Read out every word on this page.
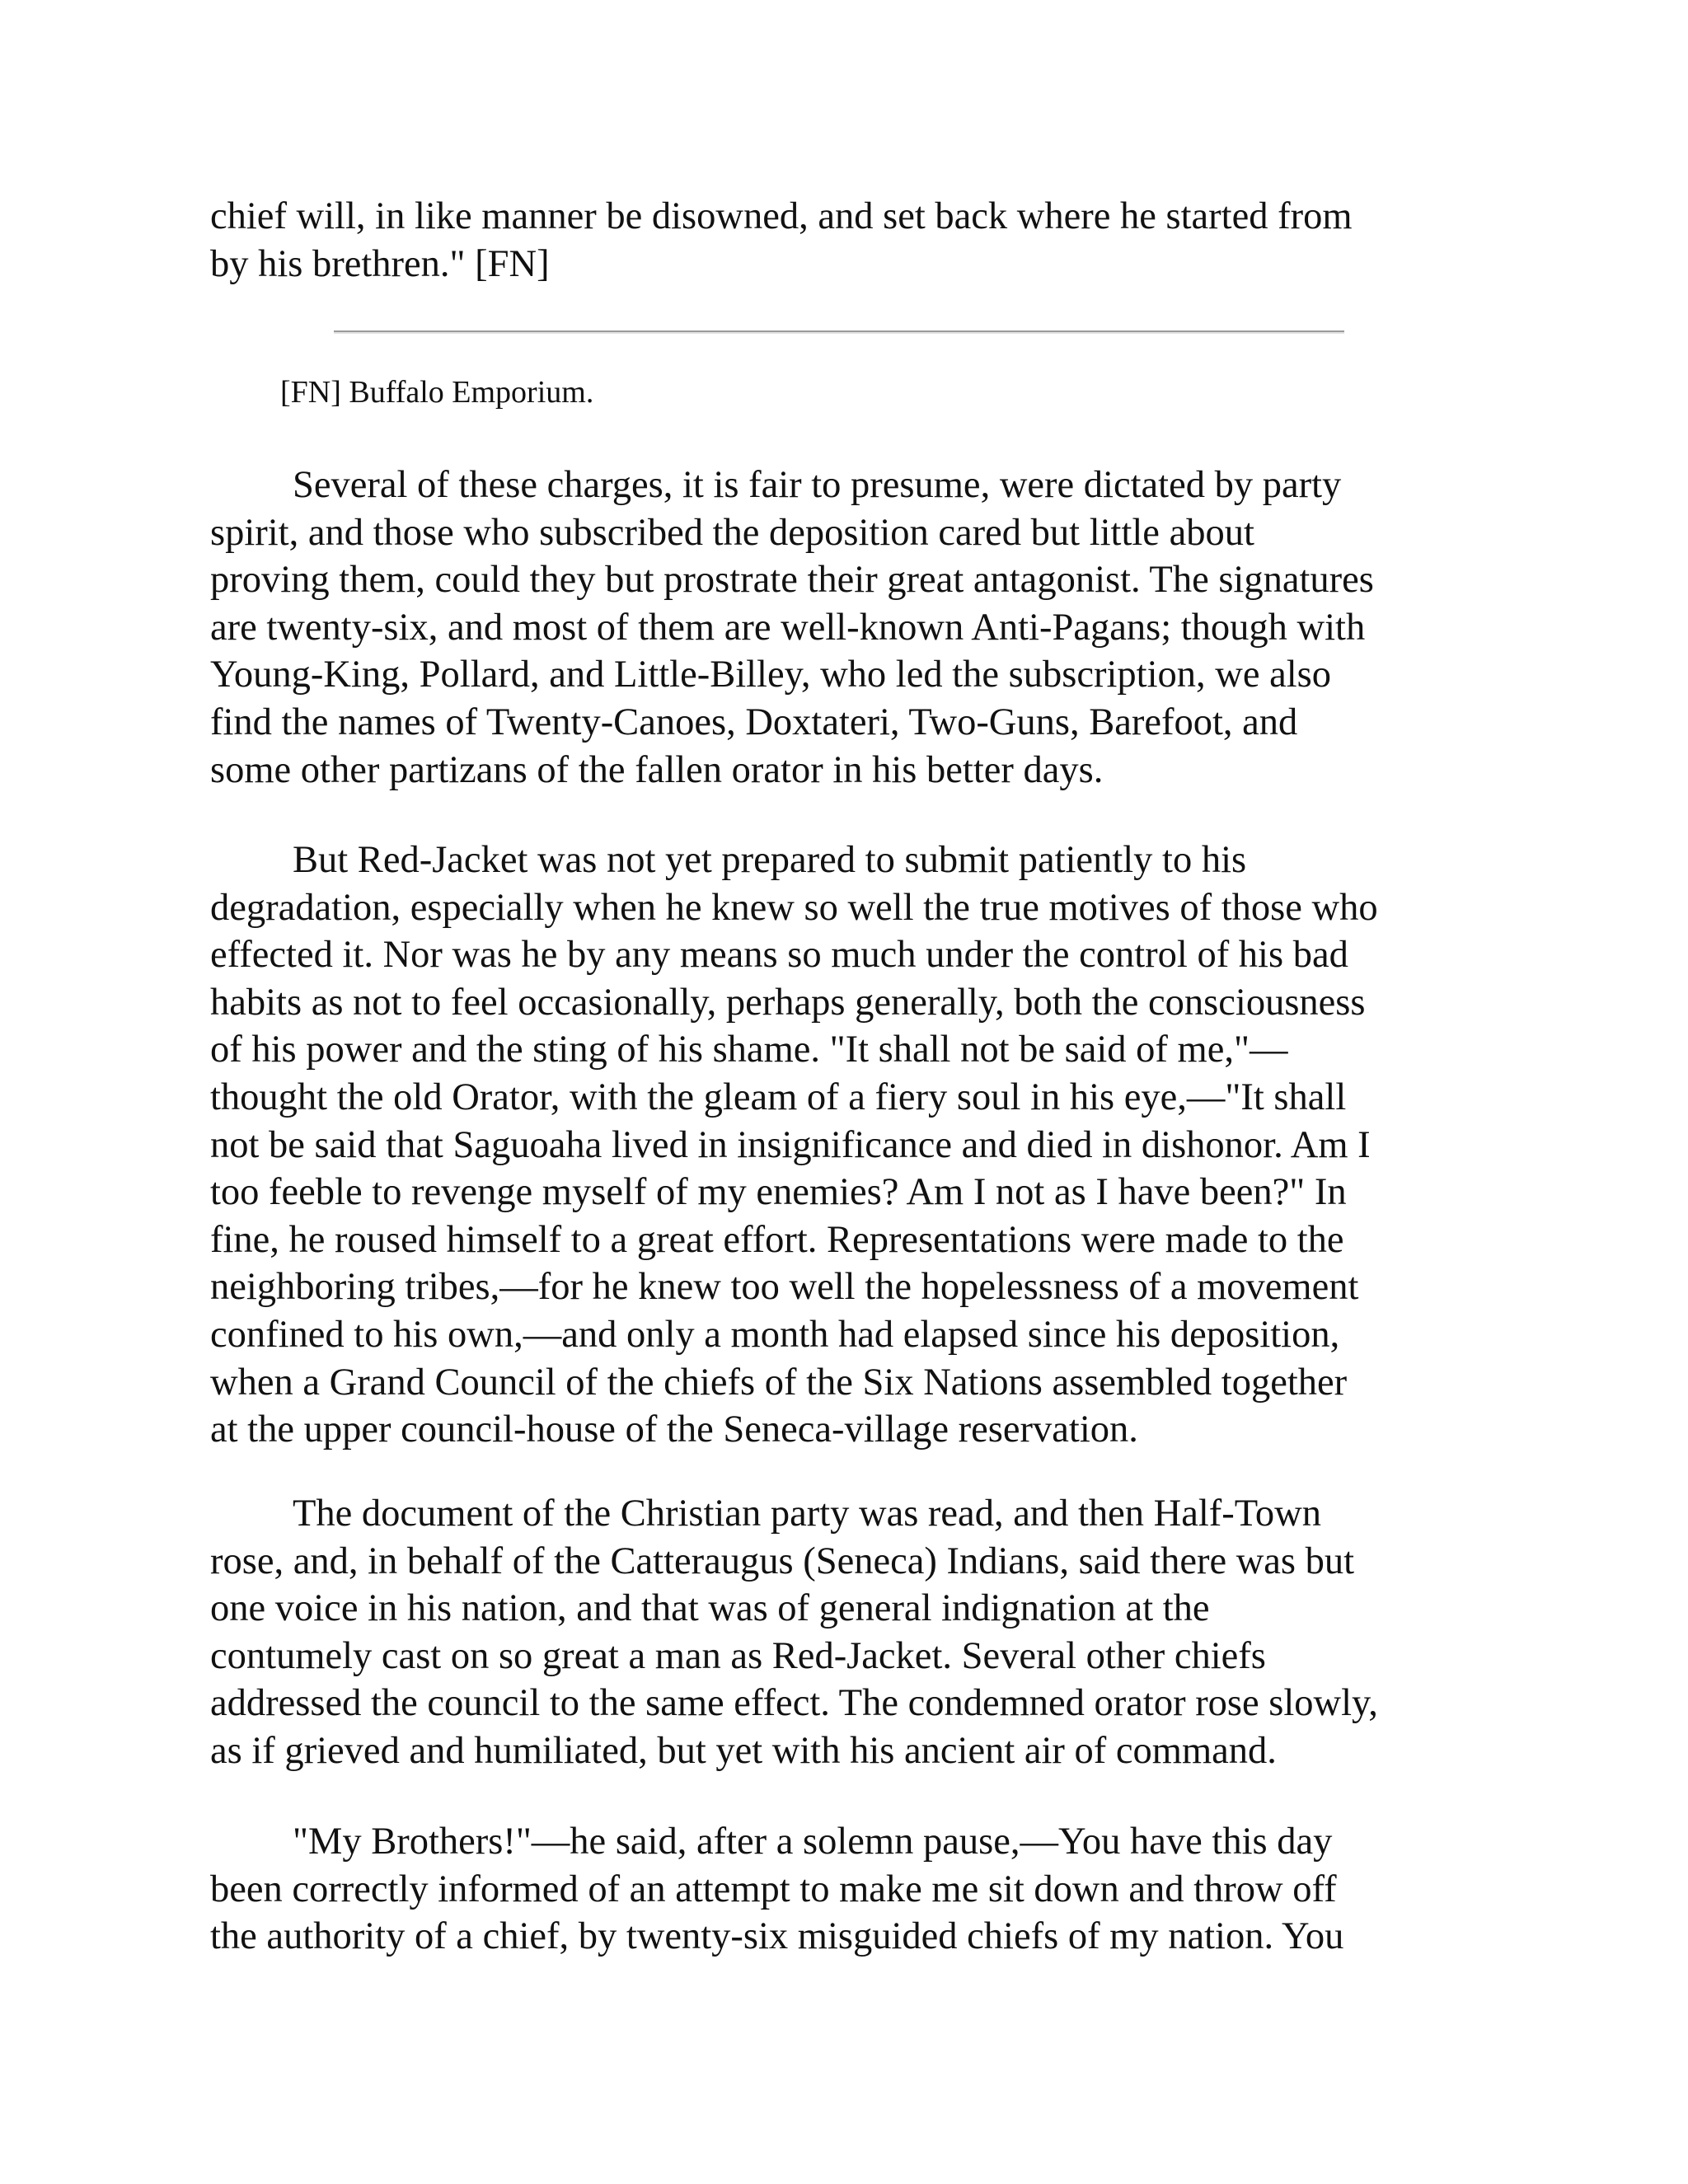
chief will, in like manner be disowned, and set back where he started from
by his brethren." [FN]
[FN] Buffalo Emporium.
Several of these charges, it is fair to presume, were dictated by party
spirit, and those who subscribed the deposition cared but little about
proving them, could they but prostrate their great antagonist. The signatures
are twenty-six, and most of them are well-known Anti-Pagans; though with
Young-King, Pollard, and Little-Billey, who led the subscription, we also
find the names of Twenty-Canoes, Doxtateri, Two-Guns, Barefoot, and
some other partizans of the fallen orator in his better days.
But Red-Jacket was not yet prepared to submit patiently to his
degradation, especially when he knew so well the true motives of those who
effected it. Nor was he by any means so much under the control of his bad
habits as not to feel occasionally, perhaps generally, both the consciousness
of his power and the sting of his shame. "It shall not be said of me,"—
thought the old Orator, with the gleam of a fiery soul in his eye,—"It shall
not be said that Saguoaha lived in insignificance and died in dishonor. Am I
too feeble to revenge myself of my enemies? Am I not as I have been?" In
fine, he roused himself to a great effort. Representations were made to the
neighboring tribes,—for he knew too well the hopelessness of a movement
confined to his own,—and only a month had elapsed since his deposition,
when a Grand Council of the chiefs of the Six Nations assembled together
at the upper council-house of the Seneca-village reservation.
The document of the Christian party was read, and then Half-Town
rose, and, in behalf of the Catteraugus (Seneca) Indians, said there was but
one voice in his nation, and that was of general indignation at the
contumely cast on so great a man as Red-Jacket. Several other chiefs
addressed the council to the same effect. The condemned orator rose slowly,
as if grieved and humiliated, but yet with his ancient air of command.
"My Brothers!"—he said, after a solemn pause,—You have this day
been correctly informed of an attempt to make me sit down and throw off
the authority of a chief, by twenty-six misguided chiefs of my nation. You
